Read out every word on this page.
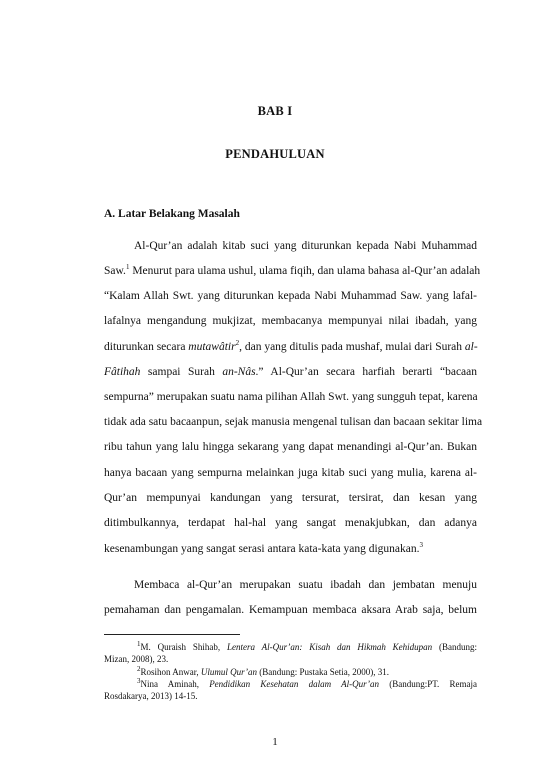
BAB I
PENDAHULUAN
A. Latar Belakang Masalah
Al-Qur’an adalah kitab suci yang diturunkan kepada Nabi Muhammad
Saw.$^1$ Menurut para ulama ushul, ulama fiqih, dan ulama bahasa al-Qur’an adalah
“Kalam Allah Swt. yang diturunkan kepada Nabi Muhammad Saw. yang lafal-
lafalnya mengandung mukjizat, membacanya mempunyai nilai ibadah, yang
diturunkan secara mutawâtir$^2$, dan yang ditulis pada mushaf, mulai dari Surah al-
Fâtihah sampai Surah an-Nâs.” Al-Qur’an secara harfiah berarti “bacaan
sempurna” merupakan suatu nama pilihan Allah Swt. yang sungguh tepat, karena
tidak ada satu bacaanpun, sejak manusia mengenal tulisan dan bacaan sekitar lima
ribu tahun yang lalu hingga sekarang yang dapat menandingi al-Qur’an. Bukan
hanya bacaan yang sempurna melainkan juga kitab suci yang mulia, karena al-
Qur’an mempunyai kandungan yang tersurat, tersirat, dan kesan yang
ditimbulkannya, terdapat hal-hal yang sangat menakjubkan, dan adanya
kesenambungan yang sangat serasi antara kata-kata yang digunakan.$^3$
Membaca al-Qur’an merupakan suatu ibadah dan jembatan menuju
pemahaman dan pengamalan. Kemampuan membaca aksara Arab saja, belum
$^1$M. Quraish Shihab, Lentera Al-Qur’an: Kisah dan Hikmah Kehidupan (Bandung:
Mizan, 2008), 23.
$^2$Rosihon Anwar, Ulumul Qur’an (Bandung: Pustaka Setia, 2000), 31.
$^3$Nina Aminah, Pendidikan Kesehatan dalam Al-Qur’an (Bandung:PT. Remaja
Rosdakarya, 2013) 14-15.
1
